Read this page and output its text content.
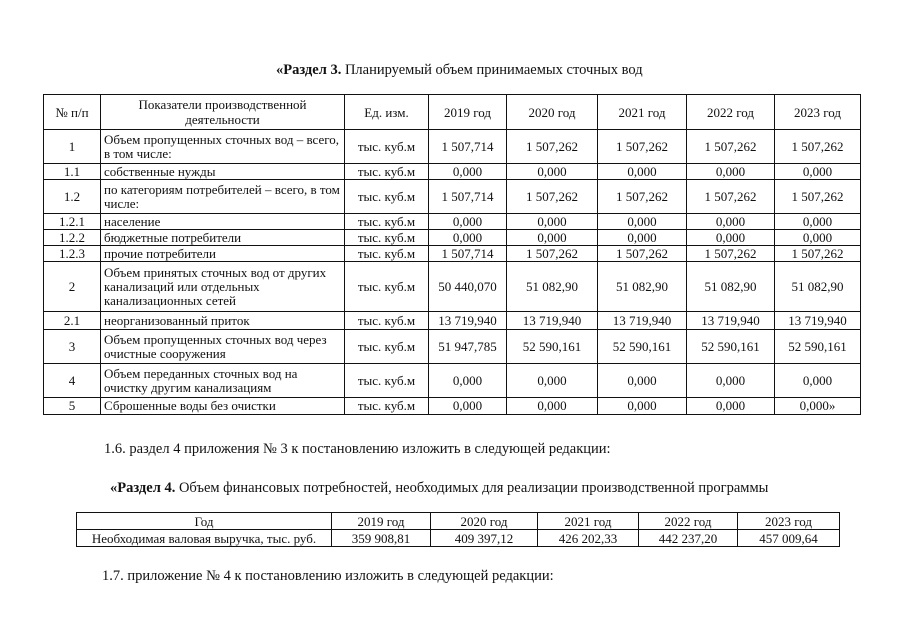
«Раздел 3. Планируемый объем принимаемых сточных вод
№ п/п	Показатели производственной деятельности	Ед. изм.	2019 год	2020 год	2021 год	2022 год	2023 год
1	Объем пропущенных сточных вод – всего, в том числе:	тыс. куб.м	1 507,714	1 507,262	1 507,262	1 507,262	1 507,262
1.1	собственные нужды	тыс. куб.м	0,000	0,000	0,000	0,000	0,000
1.2	по категориям потребителей – всего, в том числе:	тыс. куб.м	1 507,714	1 507,262	1 507,262	1 507,262	1 507,262
1.2.1	население	тыс. куб.м	0,000	0,000	0,000	0,000	0,000
1.2.2	бюджетные потребители	тыс. куб.м	0,000	0,000	0,000	0,000	0,000
1.2.3	прочие потребители	тыс. куб.м	1 507,714	1 507,262	1 507,262	1 507,262	1 507,262
2	Объем принятых сточных вод от других канализаций или отдельных канализационных сетей	тыс. куб.м	50 440,070	51 082,90	51 082,90	51 082,90	51 082,90
2.1	неорганизованный приток	тыс. куб.м	13 719,940	13 719,940	13 719,940	13 719,940	13 719,940
3	Объем пропущенных сточных вод через очистные сооружения	тыс. куб.м	51 947,785	52 590,161	52 590,161	52 590,161	52 590,161
4	Объем переданных сточных вод на очистку другим канализациям	тыс. куб.м	0,000	0,000	0,000	0,000	0,000
5	Сброшенные воды без очистки	тыс. куб.м	0,000	0,000	0,000	0,000	0,000»
1.6. раздел 4 приложения № 3 к постановлению изложить в следующей редакции:
«Раздел 4. Объем финансовых потребностей, необходимых для реализации производственной программы
Год	2019 год	2020 год	2021 год	2022 год	2023 год
Необходимая валовая выручка, тыс. руб.	359 908,81	409 397,12	426 202,33	442 237,20	457 009,64
1.7. приложение № 4 к постановлению изложить в следующей редакции:
